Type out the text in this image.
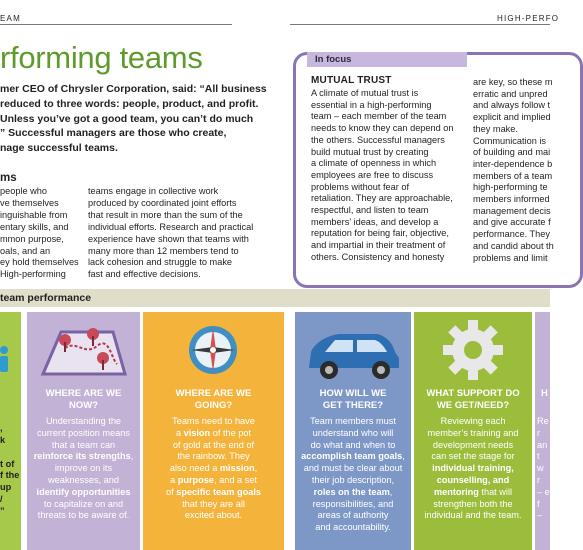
EAM	HIGH-PERFO
rforming teams
mer CEO of Chrysler Corporation, said: “All business
reduced to three words: people, product, and profit.
Unless you’ve got a good team, you can’t do much
” Successful managers are those who create,
nage successful teams.
ms
people who
ve themselves
inguishable from
entary skills, and
mmon purpose,
oals, and an
ey hold themselves
High-performing
teams engage in collective work
produced by coordinated joint efforts
that result in more than the sum of the
individual efforts. Research and practical
experience have shown that teams with
many more than 12 members tend to
lack cohesion and struggle to make
fast and effective decisions.
In focus
MUTUAL TRUST
A climate of mutual trust is
essential in a high-performing
team – each member of the team
needs to know they can depend on
the others. Successful managers
build mutual trust by creating
a climate of openness in which
employees are free to discuss
problems without fear of
retaliation. They are approachable,
respectful, and listen to team
members’ ideas, and develop a
reputation for being fair, objective,
and impartial in their treatment of
others. Consistency and honesty
are key, so these m
erratic and unpred
and always follow t
explicit and implied
they make.
Communication is
of building and mai
inter-dependence b
members of a team
high-performing te
members informed
management decis
and give accurate f
performance. They
and candid about th
problems and limit
team performance

,
k

t of
f the
up
/
”
WHERE ARE WE
NOW?
Understanding the
current position means
that a team can
reinforce its strengths,
improve on its
weaknesses, and
identify opportunities
to capitalize on and
threats to be aware of.
WHERE ARE WE
GOING?
Teams need to have
a vision of the pot
of gold at the end of
the rainbow. They
also need a mission,
a purpose, and a set
of specific team goals
that they are all
excited about.
HOW WILL WE
GET THERE?
Team members must
understand who will
do what and when to
accomplish team goals,
and must be clear about
their job description,
roles on the team,
responsibilities, and
areas of authority
and accountability.
WHAT SUPPORT DO
WE GET/NEED?
Reviewing each
member’s training and
development needs
can set the stage for
individual training,
counselling, and
mentoring that will
strengthen both the
individual and the team.
H
Re
r
an
t
w
r
– e
f
–
